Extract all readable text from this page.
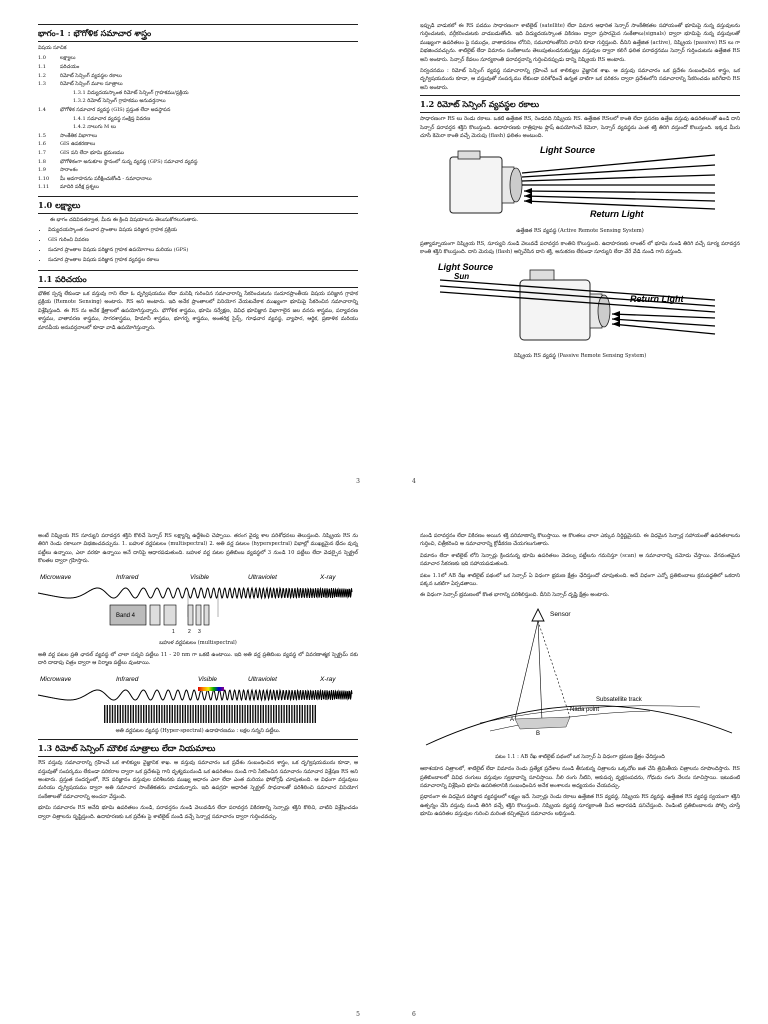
భాగం-1 : భౌగోళిక సమాచార శాస్త్రం
విషయ సూచిక
1.0	లక్ష్యాలు
1.1	పరిచయం
1.2	రిమోట్ సెన్సింగ్ వ్యవస్థల రకాలు
1.3	రిమోట్ సెన్సింగ్ మూల సూత్రాలు
1.3.1 విద్యుదయస్కాంత రిమోట్ సెన్సింగ్ గ్రాహకము/ప్రక్రియ
1.3.2 రిమోట్ సెన్సింగ్ గ్రాహకము అనువర్తనాలు
1.4	భౌగోళిక సమాచార వ్యవస్థ (GIS) ప్రస్తుత లేదా అవస్థాపన
1.4.1 సమాచార వ్యవస్థ సంక్షిప్త వివరణ
1.4.2 నాలుగు M లు
1.5	సాంకేతిక విభాగాలు
1.6	GIS ఉపకరణాలు
1.7	GIS పని లేదా భూమి భ్రమణము
1.8	భౌగోళికంగా అనుకూల స్థానంలో సున్న వ్యవస్థ (GPS) సమాచార వ్యవస్థ
1.9	సారాంశం
1.10	మీ అవగాహనను పరీక్షించుకోండి - సమాధానాలు
1.11	మాదిరి పరీక్ష ప్రశ్నలు
1.0 లక్ష్యాలు
ఈ భాగం చదివినతర్వాత, మీరు ఈ క్రింది విషయాలను తెలుసుకోగలుగుతారు.
• విద్యుదయస్కాంత సంచార ప్రాంతాల విషయ పరిజ్ఞాన గ్రాహక ప్రక్రియ
• GIS గురించి వివరణ
• సుదూర ప్రాంతాల విషయ పరిజ్ఞాన గ్రాహక ఉపయోగాలు మరియు (GPS)
• సుదూర ప్రాంతాల విషయ పరిజ్ఞాన గ్రాహక వ్యవస్థల రకాలు
1.1 పరిచయం
భౌతిక స్పర్శ లేకుండా ఒక వస్తువు గాని లేదా ఓ దృగ్విషయము లేదా మనిషి గురించిన సమాచారాన్ని సేకరించుటను సుదూరప్రాంతీయ విషయ పరిజ్ఞాన గ్రాహక ప్రక్రియ (Remote Sensing) అంటారు. RS అని అంటారు. ఇది అనేక ప్రాంతాలలో వినియోగ వేయటనేకాక ముఖ్యంగా భూమిపై సేకరించిన సమాచారాన్ని విశ్లేషిస్తుంది. ఈ RS ను అనేక క్షేత్రాలలో ఉపయోగిస్తున్నారు. భౌగోళిక శాస్త్రము, భూమి సర్వేక్షణ, వివిధ భూవిజ్ఞాన విభాగాలైన జల వనరు శాస్త్రము, పర్యావరణ శాస్త్రము, వాతావరణ శాస్త్రము, సాగరశాస్త్రము, హిమానీ శాస్త్రము, భూగర్భ శాస్త్రము, అంతరిక్ష సైన్స్, గూఢచార వ్యవస్థ, వ్యాపార, ఆర్థిక, ప్రణాళిక మరియు మానవీయ అనువర్తనాలలో కూడా వాడి ఉపయోగిస్తున్నారు.
3
ఇప్పుడి వాడుకలో ఈ RS పదము సాధారణంగా శాటిలైట్ (satellite) లేదా విమాన ఆధారిత సెన్సార్ సాంకేతికతల సహాయంతో భూమిపై నున్న వస్తువులను గుర్తించుటకు, వర్గీకరించుటకు వాడబడుతోంది. ఇది విద్యుదయస్కాంత వికిరణం ద్వారా ప్రసారమైన సంకేతాలు(signals) ద్వారా భూమిపై నున్న వస్తువులతో ముఖ్యంగా ఉపరితలం పై సముద్రం, వాతావరణం లోనిని, సమూహాలతోనిని వానిని కూడా గుర్తిస్తుంది. దీనిని ఉత్తేజిత (active), నిష్క్రియ (passive) RS లు గా విభజించవచ్చును. శాటిలైట్ లేదా విమానం సంకేతాలను తెలుపుతుందనుకున్నట్లు వస్తువుల ద్వారా కలిగే ఫలిత పరావర్తనము సెన్సార్ గుర్తించుటను ఉత్తేజిత RS అని అంటారు. సెన్సార్ కేవలం సూర్యకాంతి పరావర్తనాన్ని గుర్తించినప్పుడు దాన్ని నిష్క్రియ RS అంటారు.
నిర్వచనము : రిమోట్ సెన్సింగ్ వ్యవస్థ సమాచారాన్ని గ్రహించే ఒక శాలిక్యుల వైజ్ఞానిక శాఖ. ఆ వస్తువు సమాచారం ఒక ప్రదేశం సంబంధించిన శాస్త్రం, ఒక దృగ్విషయమును కూడా, ఆ వస్తువుతో సంపర్కము లేకుండా పరిశోధించే ఉన్నత వాటిగా ఒక పరికరం ద్వారా ప్రదేశంలోని సమాచారాన్ని సేకరించడం జరిగేదాని RS అని అంటారు.
1.2 రిమోట్ సెన్సింగ్ వ్యవస్థల రకాలు
సాధారణంగా RS లు రెండు రకాలు. ఒకటి ఉత్తేజిత RS, రెండవది నిష్క్రియ RS. ఉత్తేజిత RSలలో కాంతి లేదా ప్రసరణ ఉత్తేజ వస్తువు ఉపరితలంతో ఉండి దాని సెన్సార్ పరావర్తన శక్తిని కొలుస్తుంది. ఉదాహరణకు రాత్రిపూట ఫ్లాష్ ఉపయోగించే కెమెరా, సెన్సార్ వ్యవస్థను ఎంత శక్తి తిరిగి వస్తుందో కొలుస్తుంది. ఇక్కడ మీరు చూసే కెమెరా కాంతి వచ్చే మెరుపు (flash) ఫలితం అంటుంది.
Light Source
Return Light
ఉత్తేజిత RS వ్యవస్థ (Active Remote Sensing System)
ప్రత్యామ్నాయంగా నిష్క్రియ RS, సూర్యుని నుండి వెలువడే పరావర్తన కాంతిని కొలుస్తుంది. ఉదాహరణకు లాంతర్ లో భూమి నుండి తిరిగి వచ్చే సూర్య పరావర్తన కాంతి శక్తిని కొలుస్తుంది. దాని మెరుపు (flash) ఆర్పివేసిన దాని శక్తి, అనుకరణ లేకుండా సూర్యుని లేదా వేరే వేడి నుండి గాని వస్తుంది.
Light Source
Sun
Return Light
నిష్క్రియ RS వ్యవస్థ (Passive Remote Sensing System)
4
అంటే నిష్క్రియ RS సూర్యుని పరావర్తన శక్తిని కొలిచే సెన్సార్ RS లక్ష్యాన్ని ఉద్దేశించి చెప్పాయి. తరంగ వైద్య శాల పరిశోధనలు తెలుస్తుంది. నిష్క్రియ RS ను తిరిగి రెండు రకాలుగా విభజించవచ్చును. 1. బహుళ వర్ణపటలం (multispectral) 2. అతి వర్ణ పటలం (hyperspectral) విభాల్లో ముఖ్యమైన భేదం వున్న పట్టీలు ఉన్నాయి, ఎలా వరకూ ఉన్నాయి అనే దానిపై ఆధారపడుతుంది. బహుళ వర్ణ పటల ప్రతిబింబ వ్యవస్థలో 3 నుండి 10 పట్టీలు లేదా వెడల్పైన స్పెక్ట్రల్ కొలతల ద్వారా గ్రహిస్తారు.
Microwave	Infrared	Visible	Ultraviolet	X-ray
Band 4
1	2 3
బహుళ వర్ణపటలం (multispectral)
అతి వర్ణ పటల ప్రతి ఛానల్ వ్యవస్థ లో చాలా సన్నని పట్టీలు 11 - 20 nm గా ఒకటి ఉంటాయి. ఇది అతి వర్ణ ప్రతిబింబ వ్యవస్థ లో వివరణాత్మక స్పెక్ట్రమ్ నకు దారి దాదాపు చిత్రం ద్వారా ఆ నిర్మాణ పట్టీలు వుంటాయి.
Microwave	Infrared	Visible	Ultraviolet	X-ray
అతి వర్ణపటల వ్యవస్థ (Hyper-spectral) ఉదాహరణము : లక్షల సన్నని పట్టీలు.
1.3 రిమోట్ సెన్సింగ్ మౌలిక సూత్రాలు లేదా నియమాలు
RS వస్తువు సమాచారాన్ని గ్రహించే ఒక శాలిక్యుల వైజ్ఞానిక శాఖ. ఆ వస్తువు సమాచారం ఒక ప్రదేశం సంబంధించిన శాస్త్రం, ఒక దృగ్విషయమును కూడా, ఆ వస్తువుతో సంపర్కము లేకుండా పరికరాల ద్వారా ఒక ప్రదేశంపై గాని దృశ్యమునుండి ఒక ఉపరితలం నుండి గాని సేకరించిన సమాచారం సమాచార విశ్లేషణ RS అని అంటారు. ప్రస్తుత సందర్భంలో, RS పరిజ్ఞానం వస్తువుల పరిశీలనకు ముఖ్య ఆధారం ఎలా లేదా ఎంత మరియు ఫోటోగ్రఫీ చూపుతుంది. ఆ విధంగా వస్తువులు మరియు దృగ్విషయము ద్వారా అతి సమాచార సాంకేతికతను వాడుకున్నారు. ఇది ఉపగ్రహ ఆధారిత స్పెక్ట్రల్ సాధనాలతో పరిశీలించి సమాచార వినియోగ సంకేతాలతో సమాచారాన్ని అంచనా వేస్తుంది.
భూమి సమాచారం RS అనేది భూమి ఉపరితలం నుండి, పరావర్తనం నుండి వెలువడిన లేదా పరావర్తన వికిరణాన్ని సెన్సార్లు శక్తిని కొలిచి, వాటిని విశ్లేషించడం ద్వారా చిత్రాలను సృష్టిస్తుంది. ఉదాహరణకు ఒక ప్రదేశం పై శాటిలైట్ నుండి వచ్చే సెన్సార్ల సమాచారం ద్వారా గుర్తించవచ్చు.
5
నుండి పరావర్తనం లేదా వికిరణం అయిన శక్తి పరిమాణాన్ని కొలుస్తాయి. ఆ కొలతలు చాలా ఎక్కువ నిర్దిష్టమైనవి. ఈ విధమైన సెన్సార్ల సహాయంతో ఉపరితలాలను గుర్తించి, చిత్రీకరించి ఆ సమాచారాన్ని క్రోడీకరణ చేయగలుగుతారు.
విమానం లేదా శాటిలైట్ లోని సెన్సార్లు క్రిందనున్న భూమి ఉపరితలం వెడల్పు పట్టీలను గమనిస్తూ (scan) ఆ సమాచారాన్ని నమోదు చేస్తాయి. వేగవంతమైన సమాచార సేకరణకు ఇది సహాయపడుతుంది.
పటం 1.1లో AB రేఖ శాటిలైట్ పథంలో ఒక సెన్సార్ ఏ విధంగా భ్రమణ క్షేత్రం ఛేదిస్తుందో చూపుతుంది. అదే విధంగా ఎన్నో ప్రతిబింబాలు క్రమపద్ధతిలో ఒకదాని పక్కన ఒకటిగా ఏర్పడతాయి.
ఈ విధంగా సెన్సార్ భ్రమణంలో కొంత భాగాన్ని పరిశీలిస్తుంది. దీనిని సెన్సార్ దృష్టి క్షేత్రం అంటారు.
Sensor
Subsatellite track
Nada point
A
B
పటం 1.1 : AB రేఖ శాటిలైట్ పథంలో ఒక సెన్సార్ ఏ విధంగా భ్రమణ క్షేత్రం ఛేదిస్తుంది
ఆకాశయాన చిత్రాలలో, శాటిలైట్ లేదా విమానం రెండు ప్రత్యేక ప్రదేశాల నుండి తీసుకున్న చిత్రాలను ఒక్కచోట జత చేసి త్రిమితీయ చిత్రాలను రూపొందిస్తారు. RS ప్రతిబింబాలలో వివిధ రంగులు వస్తువుల స్వభావాన్ని సూచిస్తాయి. నీలి రంగు నీటిని, ఆకుపచ్చ వృక్షసంపదను, గోధుమ రంగు నేలను సూచిస్తాయి. ఇటువంటి సమాచారాన్ని విశ్లేషించి భూమి ఉపరితలానికి సంబంధించిన అనేక అంశాలను అధ్యయనం చేయవచ్చు.
ప్రధానంగా ఈ విధమైన పరిజ్ఞాన వ్యవస్థలలో లక్ష్యం ఇదే. సెన్సార్లు రెండు రకాలు ఉత్తేజిత RS వ్యవస్థ, నిష్క్రియ RS వ్యవస్థ. ఉత్తేజిత RS వ్యవస్థ స్వయంగా శక్తిని ఉత్పన్నం చేసి వస్తువు నుండి తిరిగి వచ్చే శక్తిని కొలుస్తుంది. నిష్క్రియ వ్యవస్థ సూర్యకాంతి మీద ఆధారపడి పనిచేస్తుంది. రెండింటి ప్రతిబింబాలను పోల్చి చూస్తే భూమి ఉపరితల వస్తువుల గురించి మరింత కచ్చితమైన సమాచారం లభిస్తుంది.
6
